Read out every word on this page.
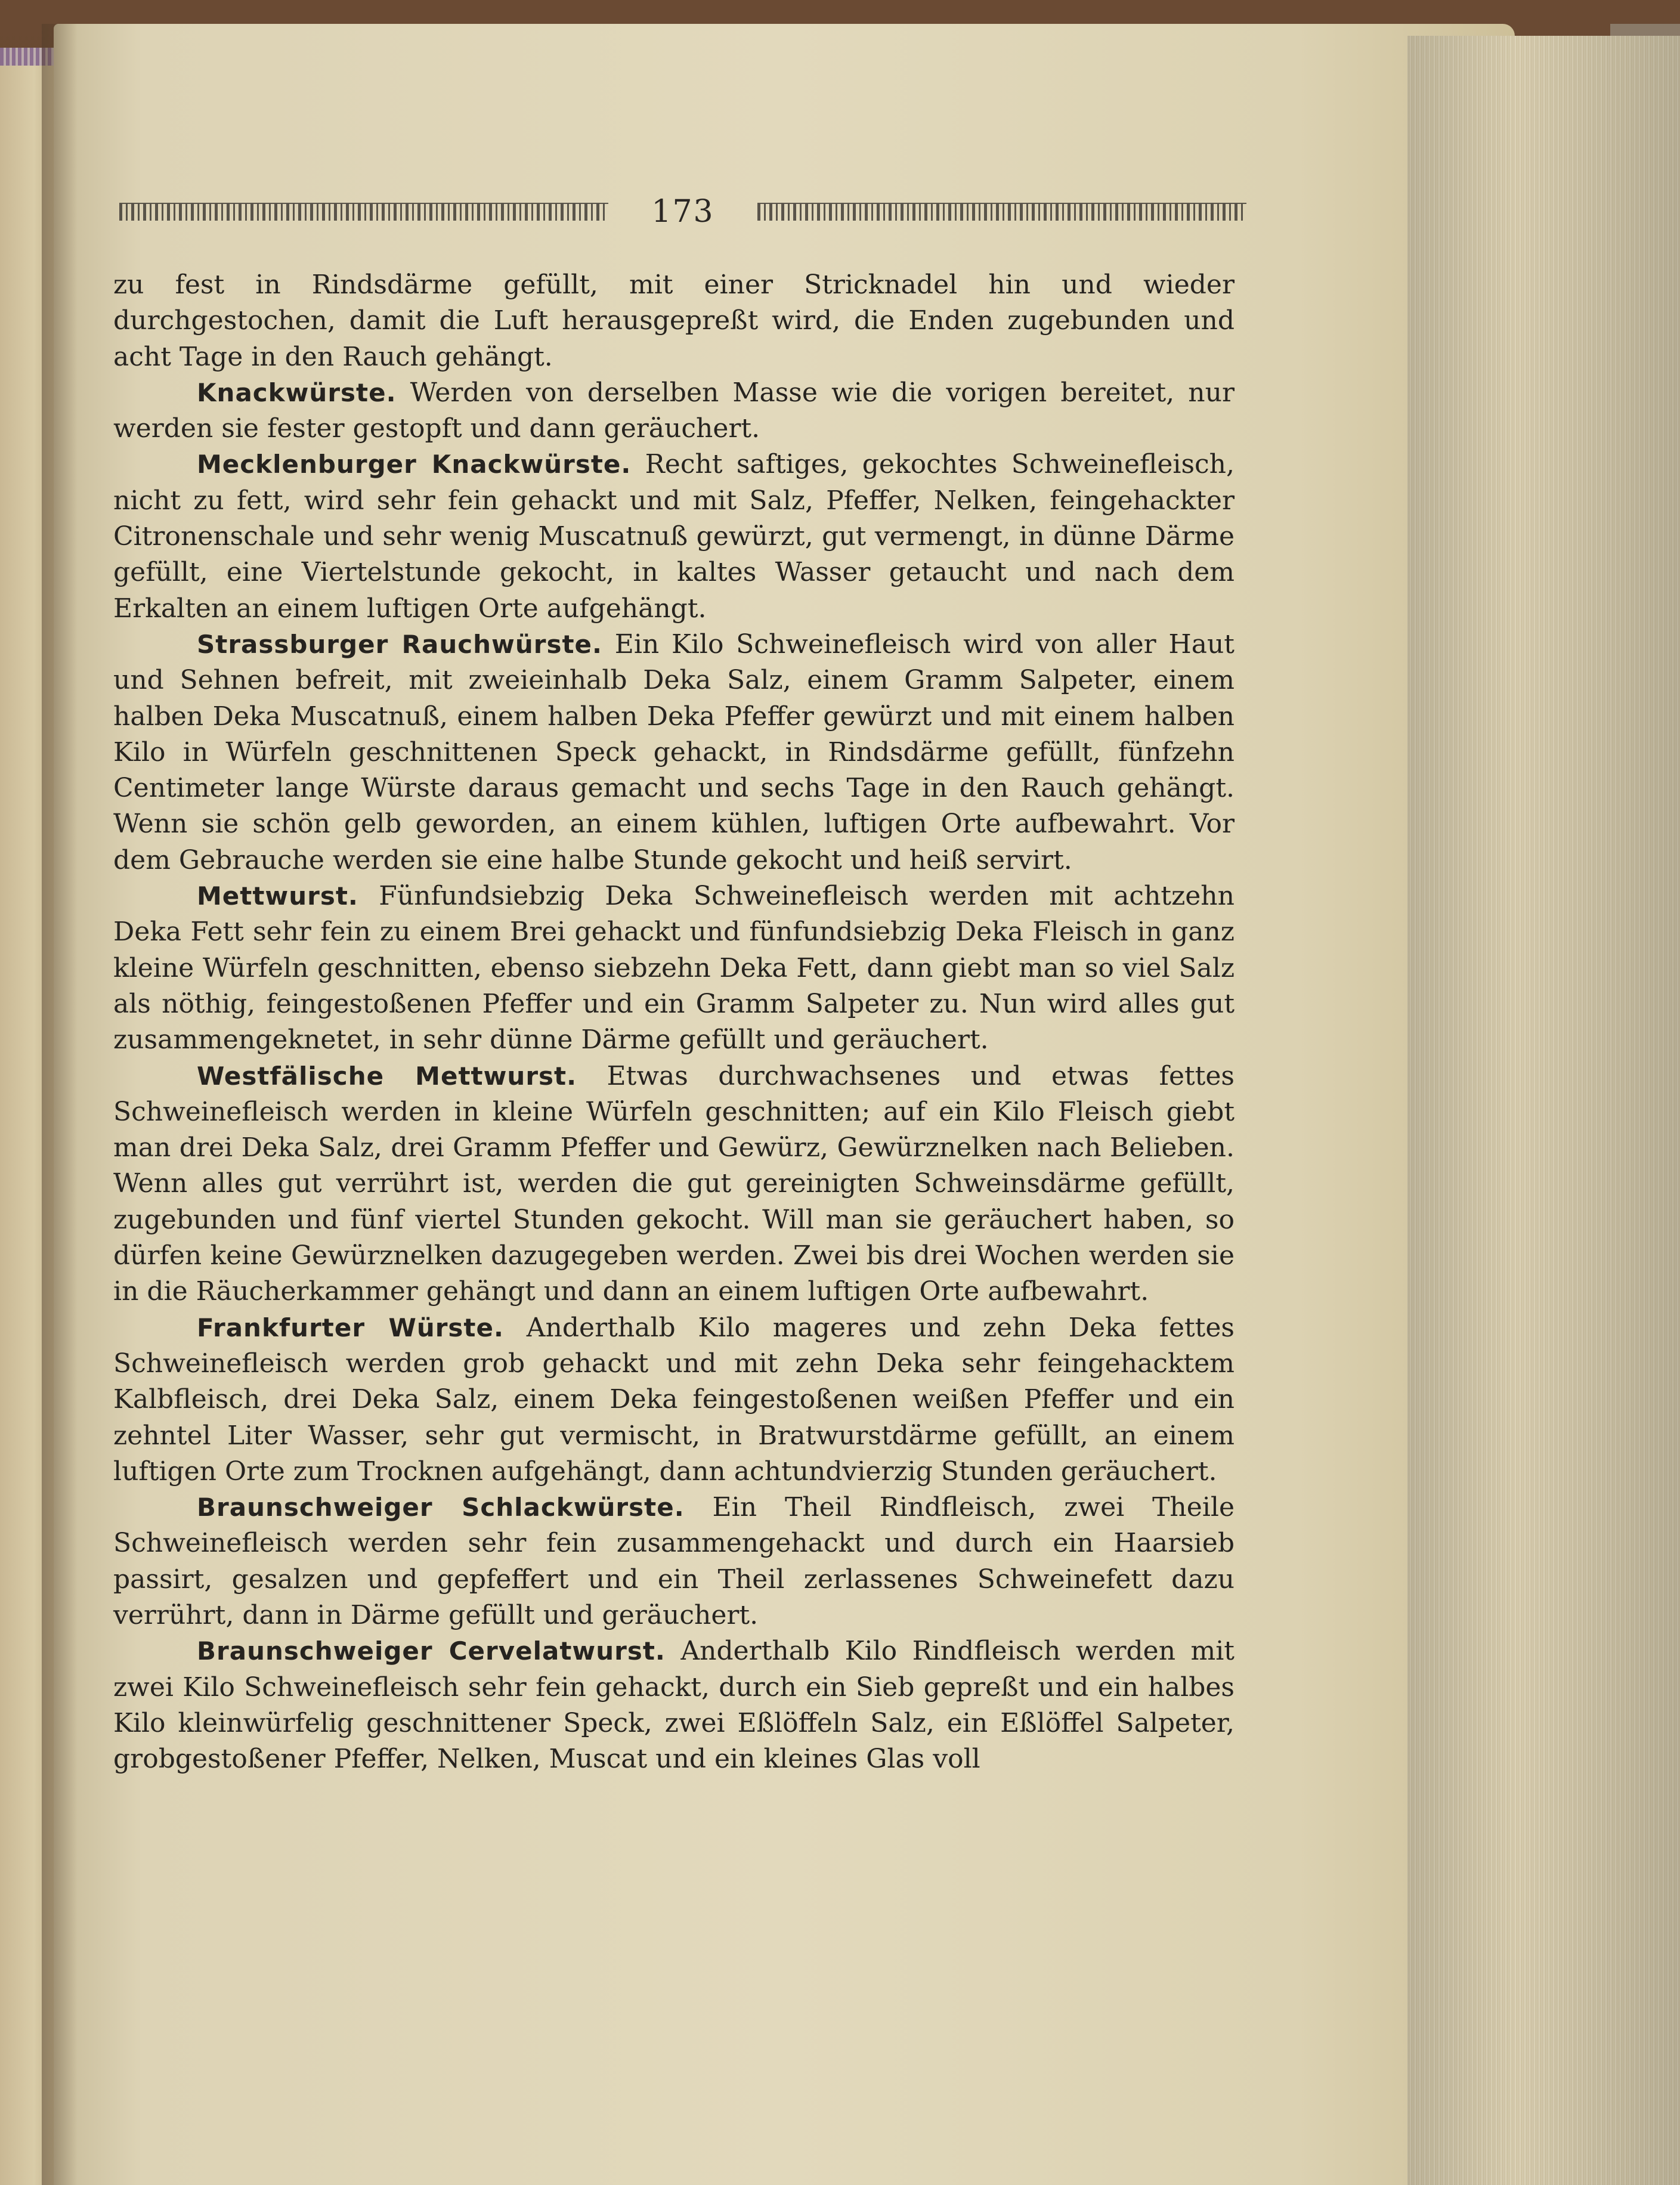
173

zu fest in Rindsdärme gefüllt, mit einer Stricknadel hin und wieder durchgestochen, damit die Luft herausgepreßt wird, die Enden zugebunden und acht Tage in den Rauch gehängt.

Knackwürste. Werden von derselben Masse wie die vorigen bereitet, nur werden sie fester gestopft und dann geräuchert.

Mecklenburger Knackwürste. Recht saftiges, gekochtes Schweinefleisch, nicht zu fett, wird sehr fein gehackt und mit Salz, Pfeffer, Nelken, feingehackter Citronenschale und sehr wenig Muscatnuß gewürzt, gut vermengt, in dünne Därme gefüllt, eine Viertelstunde gekocht, in kaltes Wasser getaucht und nach dem Erkalten an einem luftigen Orte aufgehängt.

Strassburger Rauchwürste. Ein Kilo Schweinefleisch wird von aller Haut und Sehnen befreit, mit zweieinhalb Deka Salz, einem Gramm Salpeter, einem halben Deka Muscatnuß, einem halben Deka Pfeffer gewürzt und mit einem halben Kilo in Würfeln geschnittenen Speck gehackt, in Rindsdärme gefüllt, fünfzehn Centimeter lange Würste daraus gemacht und sechs Tage in den Rauch gehängt. Wenn sie schön gelb geworden, an einem kühlen, luftigen Orte aufbewahrt. Vor dem Gebrauche werden sie eine halbe Stunde gekocht und heiß servirt.

Mettwurst. Fünfundsiebzig Deka Schweinefleisch werden mit achtzehn Deka Fett sehr fein zu einem Brei gehackt und fünfundsiebzig Deka Fleisch in ganz kleine Würfeln geschnitten, ebenso siebzehn Deka Fett, dann giebt man so viel Salz als nöthig, feingestoßenen Pfeffer und ein Gramm Salpeter zu. Nun wird alles gut zusammengeknetet, in sehr dünne Därme gefüllt und geräuchert.

Westfälische Mettwurst. Etwas durchwachsenes und etwas fettes Schweinefleisch werden in kleine Würfeln geschnitten; auf ein Kilo Fleisch giebt man drei Deka Salz, drei Gramm Pfeffer und Gewürz, Gewürznelken nach Belieben. Wenn alles gut verrührt ist, werden die gut gereinigten Schweinsdärme gefüllt, zugebunden und fünf viertel Stunden gekocht. Will man sie geräuchert haben, so dürfen keine Gewürznelken dazugegeben werden. Zwei bis drei Wochen werden sie in die Räucherkammer gehängt und dann an einem luftigen Orte aufbewahrt.

Frankfurter Würste. Anderthalb Kilo mageres und zehn Deka fettes Schweinefleisch werden grob gehackt und mit zehn Deka sehr feingehacktem Kalbfleisch, drei Deka Salz, einem Deka feingestoßenen weißen Pfeffer und ein zehntel Liter Wasser, sehr gut vermischt, in Bratwurstdärme gefüllt, an einem luftigen Orte zum Trocknen aufgehängt, dann achtundvierzig Stunden geräuchert.

Braunschweiger Schlackwürste. Ein Theil Rindfleisch, zwei Theile Schweinefleisch werden sehr fein zusammengehackt und durch ein Haarsieb passirt, gesalzen und gepfeffert und ein Theil zerlassenes Schweinefett dazu verrührt, dann in Därme gefüllt und geräuchert.

Braunschweiger Cervelatwurst. Anderthalb Kilo Rindfleisch werden mit zwei Kilo Schweinefleisch sehr fein gehackt, durch ein Sieb gepreßt und ein halbes Kilo kleinwürfelig geschnittener Speck, zwei Eßlöffeln Salz, ein Eßlöffel Salpeter, grobgestoßener Pfeffer, Nelken, Muscat und ein kleines Glas voll
